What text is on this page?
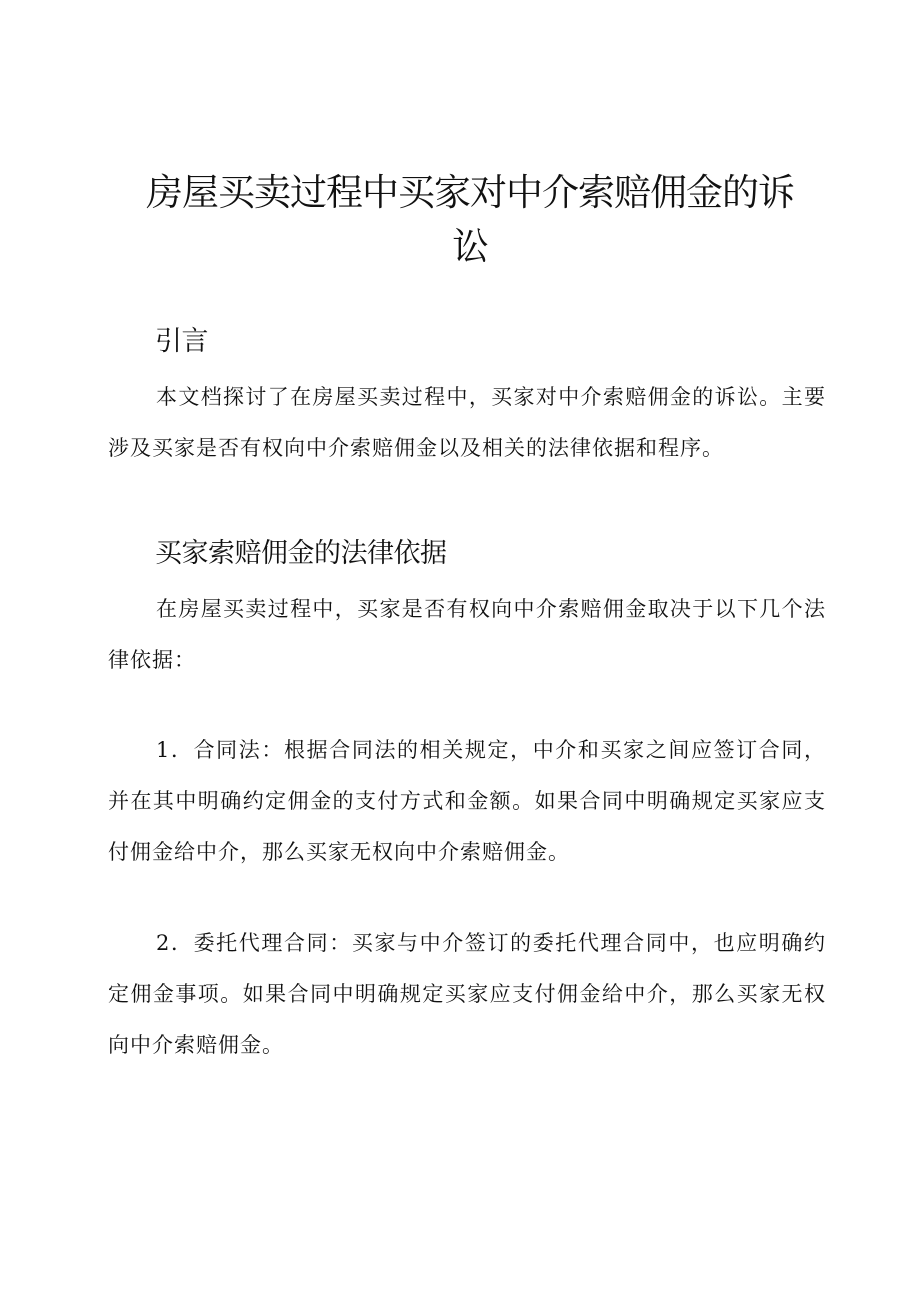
房屋买卖过程中买家对中介索赔佣金的诉讼
引言

本文档探讨了在房屋买卖过程中，买家对中介索赔佣金的诉讼。主要涉及买家是否有权向中介索赔佣金以及相关的法律依据和程序。

买家索赔佣金的法律依据

在房屋买卖过程中，买家是否有权向中介索赔佣金取决于以下几个法律依据：

1．合同法：根据合同法的相关规定，中介和买家之间应签订合同，并在其中明确约定佣金的支付方式和金额。如果合同中明确规定买家应支付佣金给中介，那么买家无权向中介索赔佣金。

2．委托代理合同：买家与中介签订的委托代理合同中，也应明确约定佣金事项。如果合同中明确规定买家应支付佣金给中介，那么买家无权向中介索赔佣金。
